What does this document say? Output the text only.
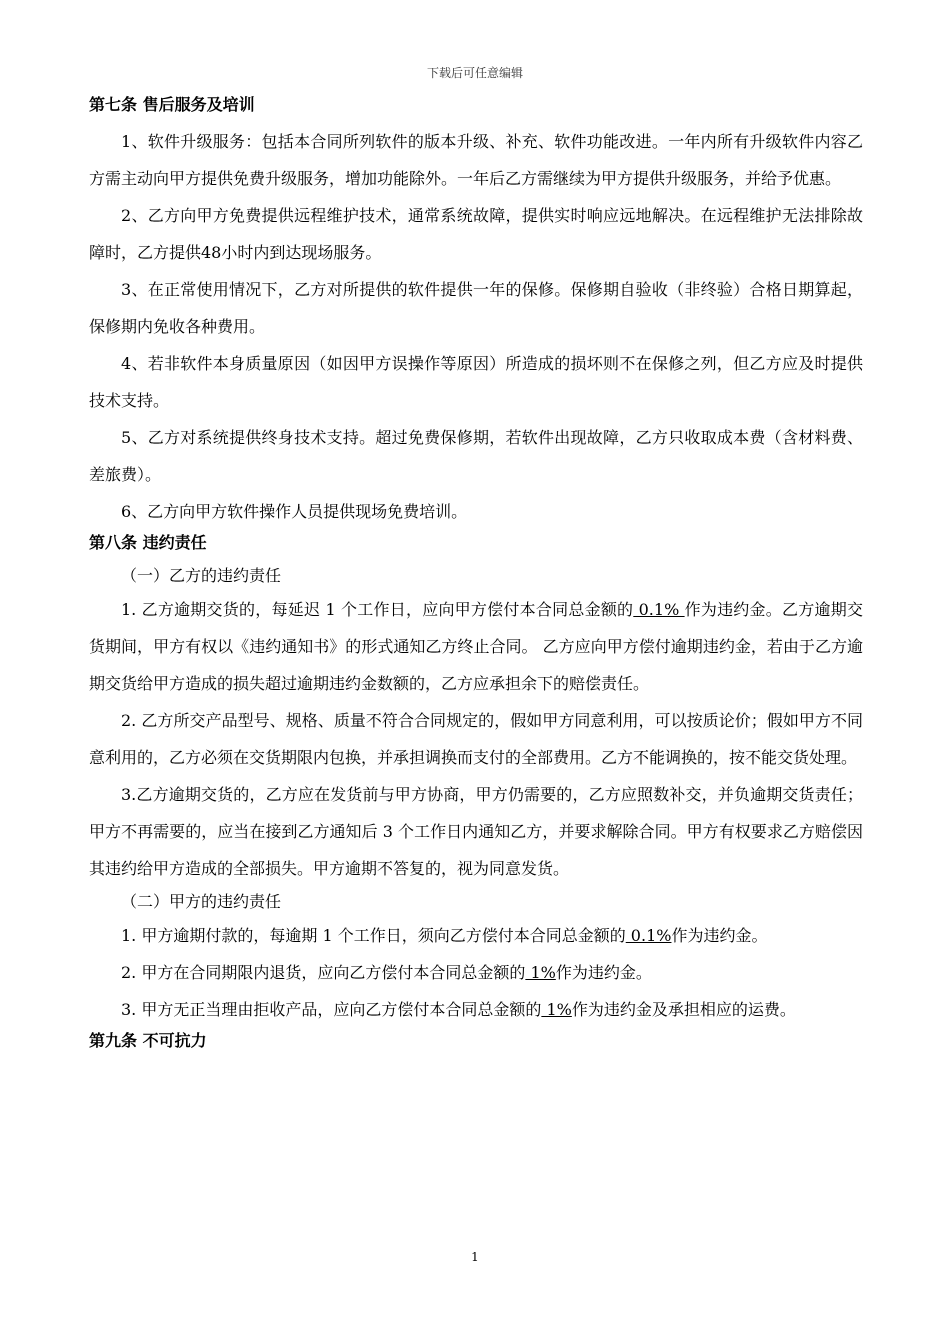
下载后可任意编辑
第七条 售后服务及培训

1、软件升级服务：包括本合同所列软件的版本升级、补充、软件功能改进。一年内所有升级软件内容乙方需主动向甲方提供免费升级服务，增加功能除外。一年后乙方需继续为甲方提供升级服务，并给予优惠。

2、乙方向甲方免费提供远程维护技术，通常系统故障，提供实时响应远地解决。在远程维护无法排除故障时，乙方提供48小时内到达现场服务。

3、在正常使用情况下，乙方对所提供的软件提供一年的保修。保修期自验收（非终验）合格日期算起，保修期内免收各种费用。

4、若非软件本身质量原因（如因甲方误操作等原因）所造成的损坏则不在保修之列，但乙方应及时提供技术支持。

5、乙方对系统提供终身技术支持。超过免费保修期，若软件出现故障，乙方只收取成本费（含材料费、差旅费）。

6、乙方向甲方软件操作人员提供现场免费培训。

第八条 违约责任

（一）乙方的违约责任

1. 乙方逾期交货的，每延迟 1 个工作日，应向甲方偿付本合同总金额的 0.1% 作为违约金。乙方逾期交货期间，甲方有权以《违约通知书》的形式通知乙方终止合同。 乙方应向甲方偿付逾期违约金，若由于乙方逾期交货给甲方造成的损失超过逾期违约金数额的，乙方应承担余下的赔偿责任。

2. 乙方所交产品型号、规格、质量不符合合同规定的，假如甲方同意利用，可以按质论价；假如甲方不同意利用的，乙方必须在交货期限内包换，并承担调换而支付的全部费用。乙方不能调换的，按不能交货处理。

3.乙方逾期交货的，乙方应在发货前与甲方协商，甲方仍需要的，乙方应照数补交，并负逾期交货责任；甲方不再需要的，应当在接到乙方通知后 3 个工作日内通知乙方，并要求解除合同。甲方有权要求乙方赔偿因其违约给甲方造成的全部损失。甲方逾期不答复的，视为同意发货。

（二）甲方的违约责任

1. 甲方逾期付款的，每逾期 1 个工作日，须向乙方偿付本合同总金额的 0.1%作为违约金。

2. 甲方在合同期限内退货，应向乙方偿付本合同总金额的 1%作为违约金。

3. 甲方无正当理由拒收产品，应向乙方偿付本合同总金额的 1%作为违约金及承担相应的运费。

第九条 不可抗力
1
